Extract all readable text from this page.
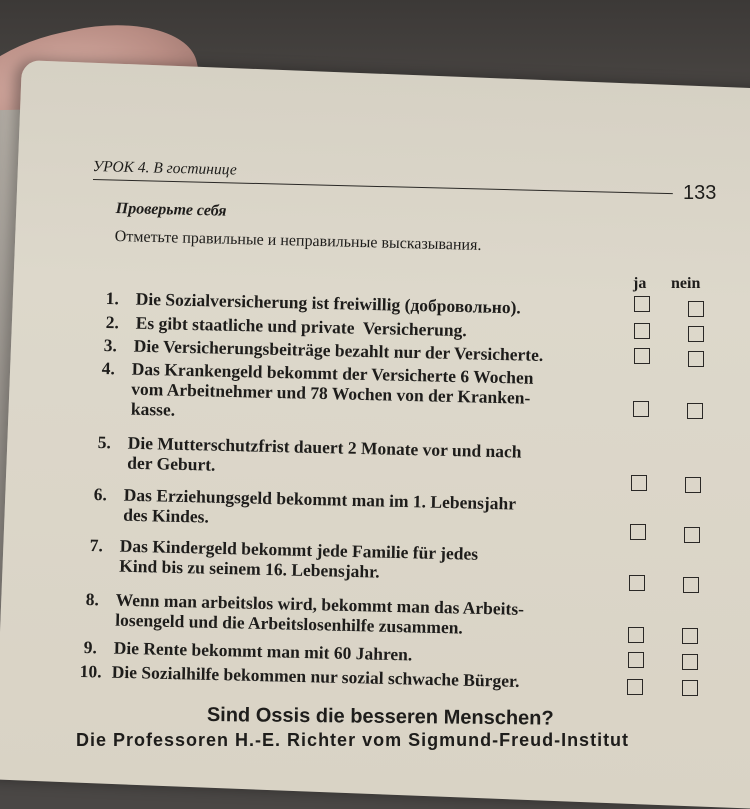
УРОК 4. В гостинице
133
Проверьте себя
Отметьте правильные и неправильные высказывания.
ja nein
1. Die Sozialversicherung ist freiwillig (добровольно).
2. Es gibt staatliche und private  Versicherung.
3. Die Versicherungsbeiträge bezahlt nur der Versicherte.
4. Das Krankengeld bekommt der Versicherte 6 Wochen
vom Arbeitnehmer und 78 Wochen von der Kranken-
kasse.
5. Die Mutterschutzfrist dauert 2 Monate vor und nach
der Geburt.
6. Das Erziehungsgeld bekommt man im 1. Lebensjahr
des Kindes.
7. Das Kindergeld bekommt jede Familie für jedes
Kind bis zu seinem 16. Lebensjahr.
8. Wenn man arbeitslos wird, bekommt man das Arbeits-
losengeld und die Arbeitslosenhilfe zusammen.
9. Die Rente bekommt man mit 60 Jahren.
10. Die Sozialhilfe bekommen nur sozial schwache Bürger.
Sind Ossis die besseren Menschen?
Die Professoren H.-E. Richter vom Sigmund-Freud-Institut
